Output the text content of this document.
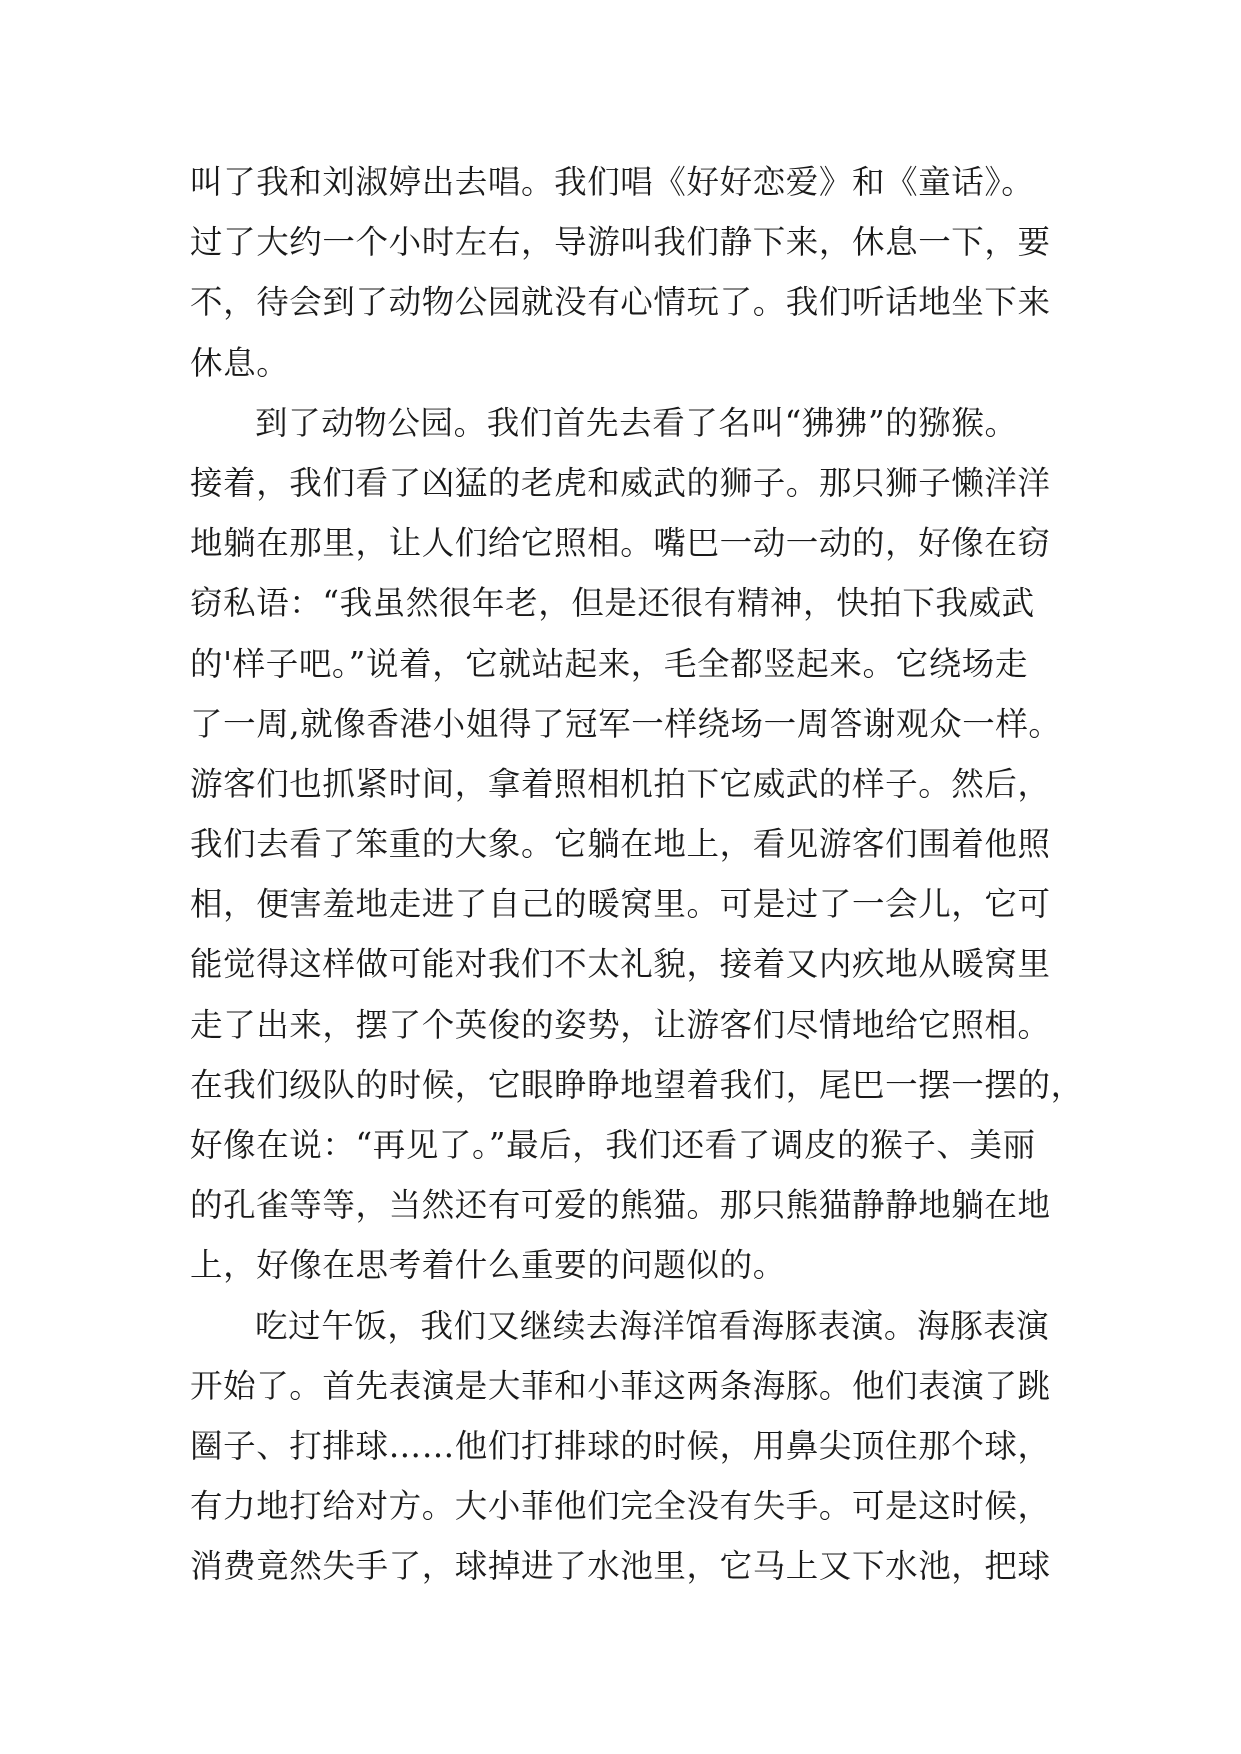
叫了我和刘淑婷出去唱。我们唱《好好恋爱》和《童话》。
过了大约一个小时左右，导游叫我们静下来，休息一下，要
不，待会到了动物公园就没有心情玩了。我们听话地坐下来
休息。
到了动物公园。我们首先去看了名叫“狒狒”的猕猴。
接着，我们看了凶猛的老虎和威武的狮子。那只狮子懒洋洋
地躺在那里，让人们给它照相。嘴巴一动一动的，好像在窃
窃私语：“我虽然很年老，但是还很有精神，快拍下我威武
的'样子吧。”说着，它就站起来，毛全都竖起来。它绕场走
了一周,就像香港小姐得了冠军一样绕场一周答谢观众一样。
游客们也抓紧时间，拿着照相机拍下它威武的样子。然后，
我们去看了笨重的大象。它躺在地上，看见游客们围着他照
相，便害羞地走进了自己的暖窝里。可是过了一会儿，它可
能觉得这样做可能对我们不太礼貌，接着又内疚地从暖窝里
走了出来，摆了个英俊的姿势，让游客们尽情地给它照相。
在我们级队的时候，它眼睁睁地望着我们，尾巴一摆一摆的，
好像在说：“再见了。”最后，我们还看了调皮的猴子、美丽
的孔雀等等，当然还有可爱的熊猫。那只熊猫静静地躺在地
上，好像在思考着什么重要的问题似的。
吃过午饭，我们又继续去海洋馆看海豚表演。海豚表演
开始了。首先表演是大菲和小菲这两条海豚。他们表演了跳
圈子、打排球……他们打排球的时候，用鼻尖顶住那个球，
有力地打给对方。大小菲他们完全没有失手。可是这时候，
消费竟然失手了，球掉进了水池里，它马上又下水池，把球
